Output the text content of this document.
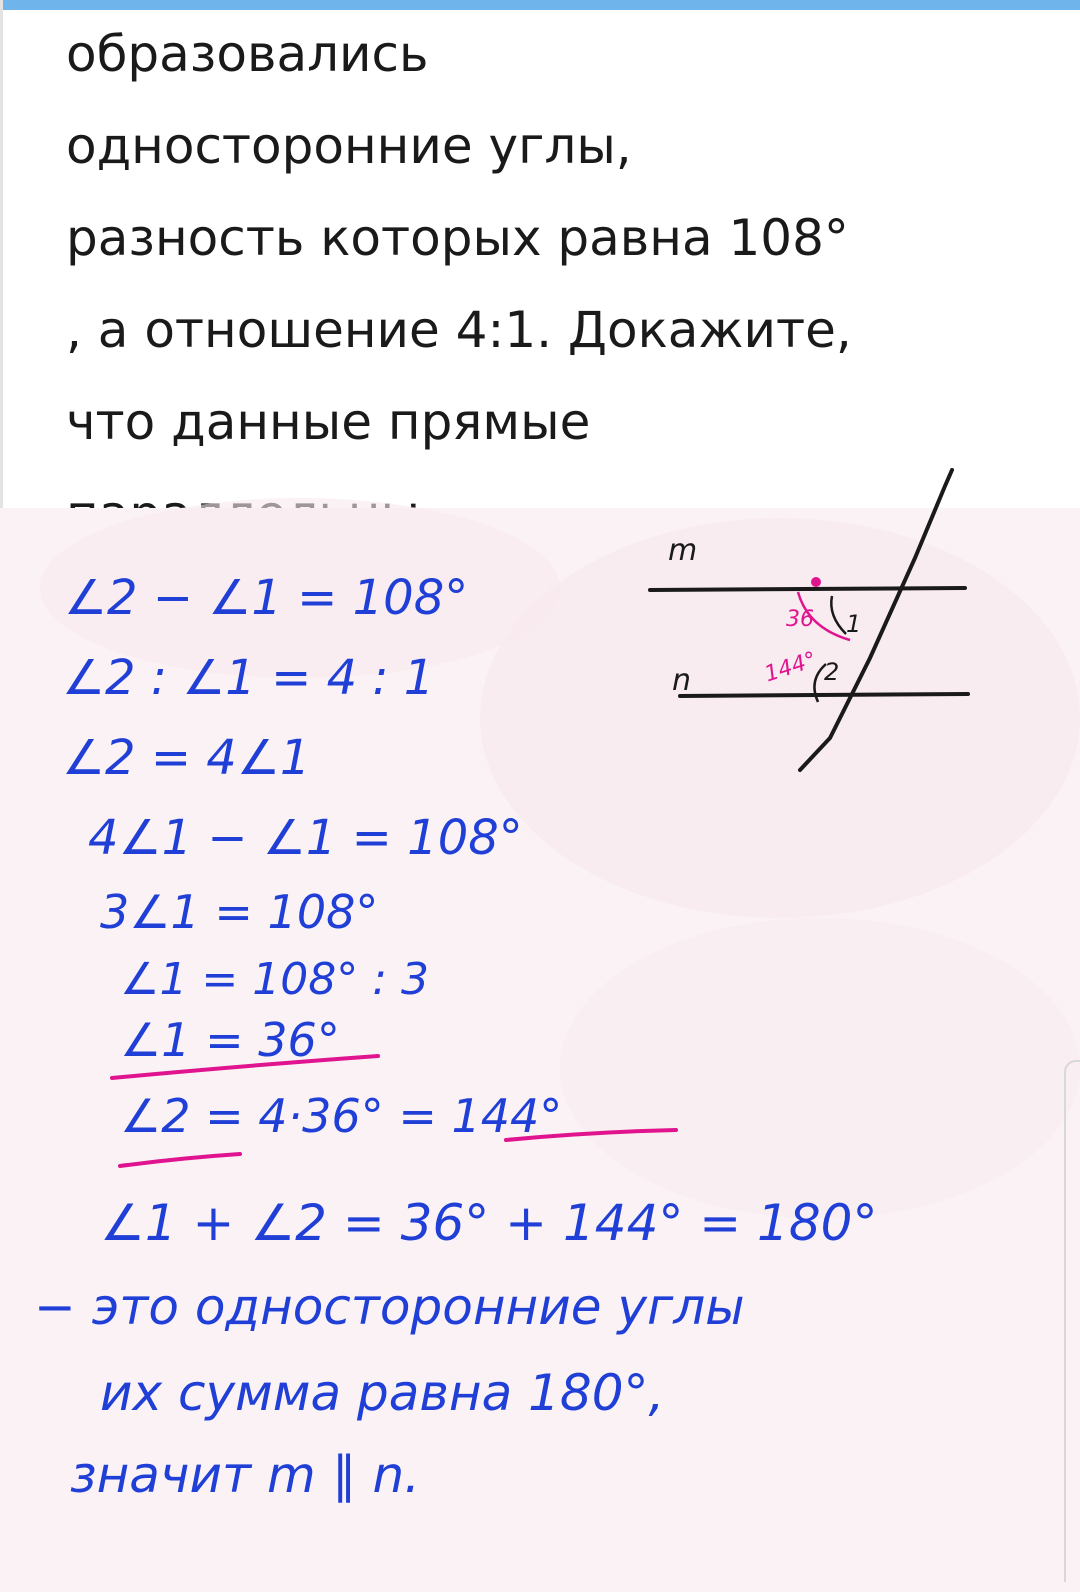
образовались
односторонние углы,
разность которых равна 108°
, а отношение 4:1. Докажите,
что данные прямые
m
n
1
2
36
144°
∠2 − ∠1 = 108°
∠2 : ∠1 = 4 : 1
∠2 = 4∠1
4∠1 − ∠1 = 108°
3∠1 = 108°
∠1 = 108° : 3
∠1 = 36°
∠2 = 4·36° = 144°
∠1 + ∠2 = 36° + 144° = 180°
− это односторонние углы
их сумма равна 180°,
значит m ∥ n.
